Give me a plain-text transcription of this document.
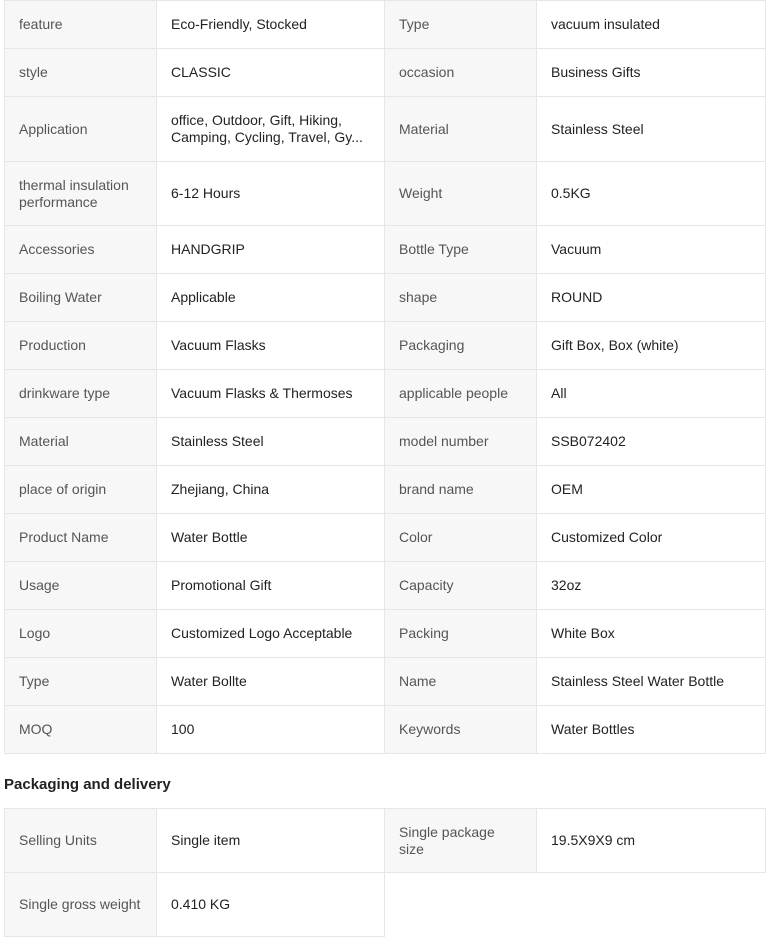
feature	Eco-Friendly, Stocked	Type	vacuum insulated
style	CLASSIC	occasion	Business Gifts
Application	office, Outdoor, Gift, Hiking, Camping, Cycling, Travel, Gy...	Material	Stainless Steel
thermal insulation performance	6-12 Hours	Weight	0.5KG
Accessories	HANDGRIP	Bottle Type	Vacuum
Boiling Water	Applicable	shape	ROUND
Production	Vacuum Flasks	Packaging	Gift Box, Box (white)
drinkware type	Vacuum Flasks & Thermoses	applicable people	All
Material	Stainless Steel	model number	SSB072402
place of origin	Zhejiang, China	brand name	OEM
Product Name	Water Bottle	Color	Customized Color
Usage	Promotional Gift	Capacity	32oz
Logo	Customized Logo Acceptable	Packing	White Box
Type	Water Bollte	Name	Stainless Steel Water Bottle
MOQ	100	Keywords	Water Bottles
Packaging and delivery
Selling Units	Single item	Single package size	19.5X9X9 cm
Single gross weight	0.410 KG		
